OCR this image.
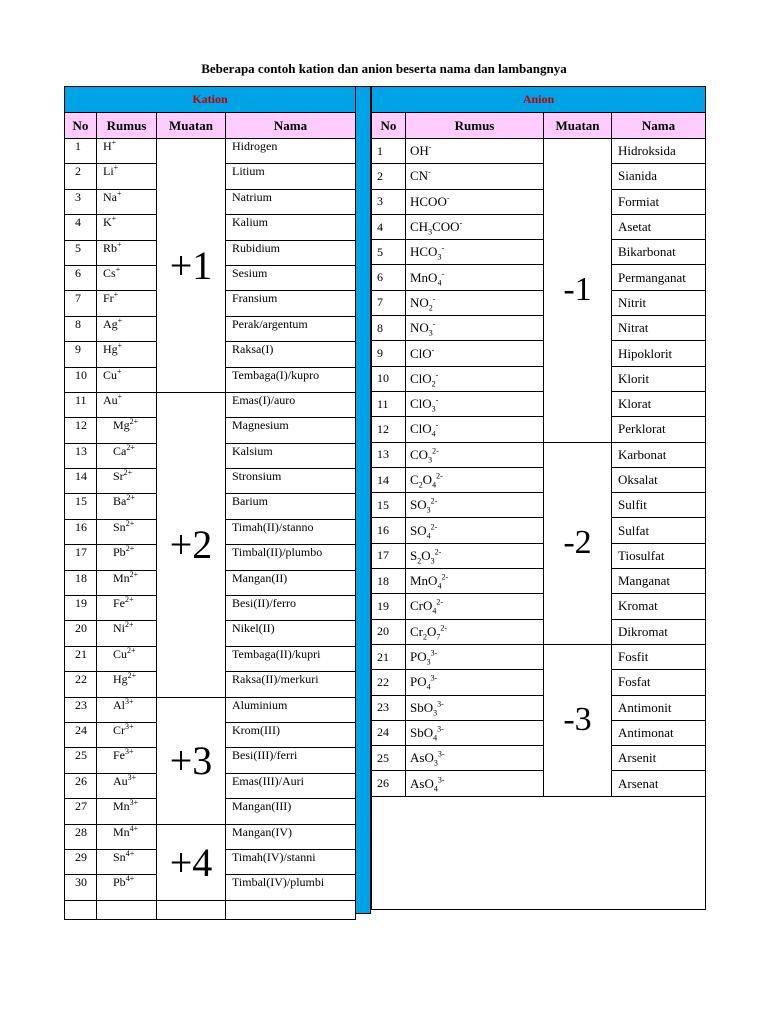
Beberapa contoh kation dan anion beserta nama dan lambangnya
Kation			
No	Rumus	Muatan	Nama
1	H+	+1	Hidrogen
2	Li+		Litium
3	Na+		Natrium
4	K+		Kalium
5	Rb+		Rubidium
6	Cs+		Sesium
7	Fr+		Fransium
8	Ag+		Perak/argentum
9	Hg+		Raksa(I)
10	Cu+		Tembaga(I)/kupro
11	Au+	+2	Emas(I)/auro
12	$Mg^{2+}$		Magnesium
13	$Ca^{2+}$		Kalsium
14	$Sr^{2+}$		Stronsium
15	$Ba^{2+}$		Barium
16	$Sn^{2+}$		Timah(II)/stanno
17	$Pb^{2+}$		Timbal(II)/plumbo
18	$Mn^{2+}$		Mangan(II)
19	$Fe^{2+}$		Besi(II)/ferro
20	$Ni^{2+}$		Nikel(II)
21	$Cu^{2+}$		Tembaga(II)/kupri
22	$Hg^{2+}$		Raksa(II)/merkuri
23	$Al^{3+}$	+3	Aluminium
24	$Cr^{3+}$		Krom(III)
25	$Fe^{3+}$		Besi(III)/ferri
26	$Au^{3+}$		Emas(III)/Auri
27	$Mn^{3+}$		Mangan(III)
28	$Mn^{4+}$	+4	Mangan(IV)
29	$Sn^{4+}$		Timah(IV)/stanni
30	$Pb^{4+}$		Timbal(IV)/plumbi

Anion			
No	Rumus	Muatan	Nama
1	OH-	-1	Hidroksida
2	CN-		Sianida
3	HCOO-		Formiat
4	$CH_3COO^-$		Asetat
5	$HCO_3^-$		Bikarbonat
6	MnO$_4$-		Permanganat
7	$NO_2^-$		Nitrit
8	$NO_3^-$		Nitrat
9	ClO-		Hipoklorit
10	ClO$_2$-		Klorit
11	ClO$_3$-		Klorat
12	ClO$_4$-		Perklorat
13	$CO_3^{2-}$	-2	Karbonat
14	$C_2O_4^{2-}$		Oksalat
15	$SO_3^{2-}$		Sulfit
16	$SO_4^{2-}$		Sulfat
17	$S_2O_3^{2-}$		Tiosulfat
18	MnO$_4^{2-}$		Manganat
19	CrO$_4^{2-}$		Kromat
20	$Cr_2O_7^{2-}$		Dikromat
21	$PO_3^{3-}$	-3	Fosfit
22	$PO_4^{3-}$		Fosfat
23	SbO$_3^{3-}$		Antimonit
24	SbO$_4^{3-}$		Antimonat
25	AsO$_3^{3-}$		Arsenit
26	AsO$_4^{3-}$		Arsenat
